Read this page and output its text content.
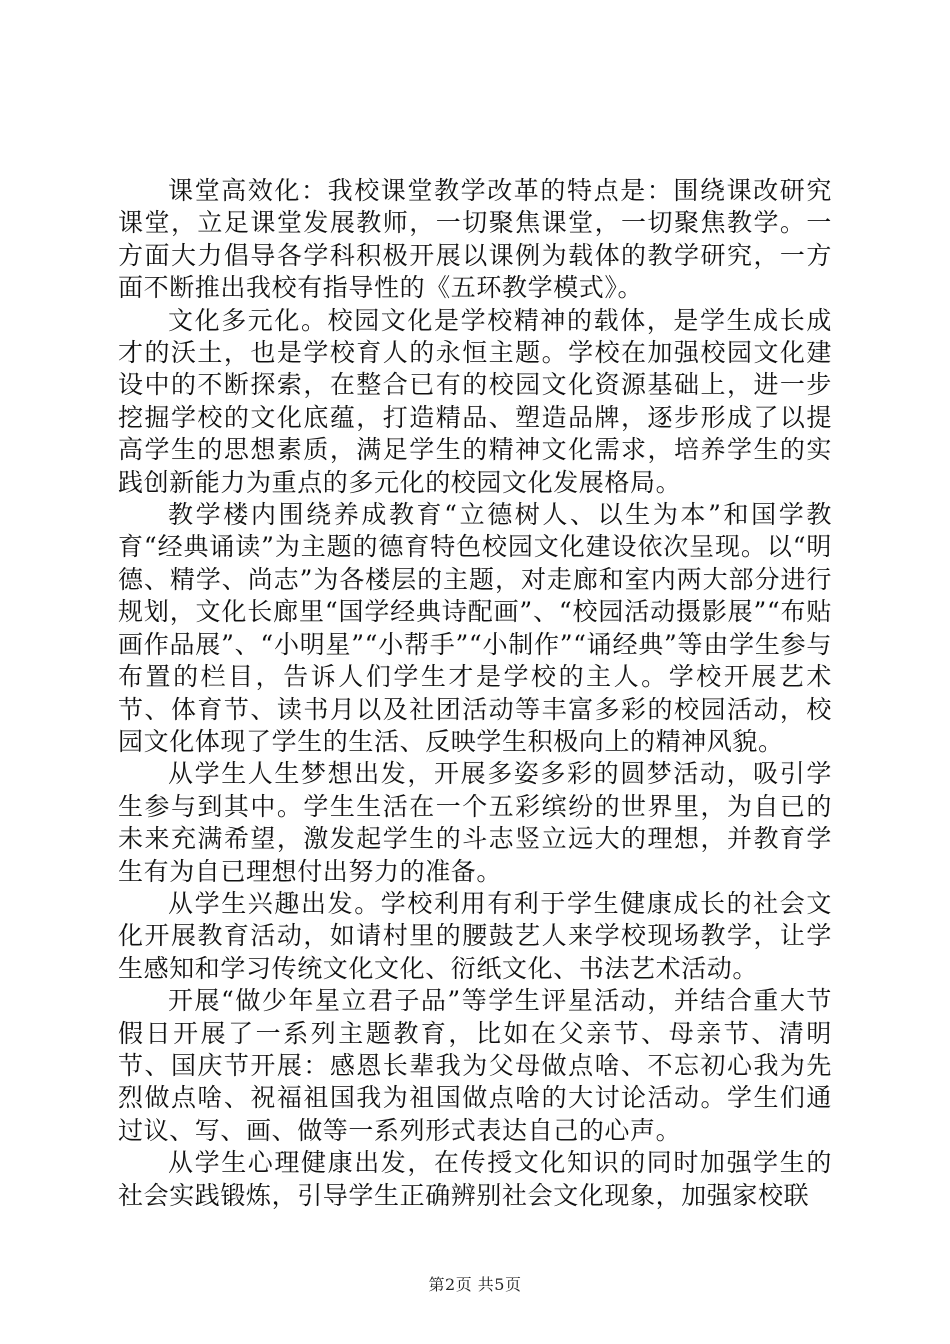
课堂高效化：我校课堂教学改革的特点是：围绕课改研究课堂，立足课堂发展教师，一切聚焦课堂，一切聚焦教学。一方面大力倡导各学科积极开展以课例为载体的教学研究，一方面不断推出我校有指导性的《五环教学模式》。

文化多元化。校园文化是学校精神的载体，是学生成长成才的沃土，也是学校育人的永恒主题。学校在加强校园文化建设中的不断探索，在整合已有的校园文化资源基础上，进一步挖掘学校的文化底蕴，打造精品、塑造品牌，逐步形成了以提高学生的思想素质，满足学生的精神文化需求，培养学生的实践创新能力为重点的多元化的校园文化发展格局。

教学楼内围绕养成教育“立德树人、以生为本”和国学教育“经典诵读”为主题的德育特色校园文化建设依次呈现。以“明德、精学、尚志”为各楼层的主题，对走廊和室内两大部分进行规划，文化长廊里“国学经典诗配画”、“校园活动摄影展”“布贴画作品展”、“小明星”“小帮手”“小制作”“诵经典”等由学生参与布置的栏目，告诉人们学生才是学校的主人。学校开展艺术节、体育节、读书月以及社团活动等丰富多彩的校园活动，校园文化体现了学生的生活、反映学生积极向上的精神风貌。

从学生人生梦想出发，开展多姿多彩的圆梦活动，吸引学生参与到其中。学生生活在一个五彩缤纷的世界里，为自已的未来充满希望，激发起学生的斗志竖立远大的理想，并教育学生有为自已理想付出努力的准备。

从学生兴趣出发。学校利用有利于学生健康成长的社会文化开展教育活动，如请村里的腰鼓艺人来学校现场教学，让学生感知和学习传统文化文化、衍纸文化、书法艺术活动。

开展“做少年星立君子品”等学生评星活动，并结合重大节假日开展了一系列主题教育，比如在父亲节、母亲节、清明节、国庆节开展：感恩长辈我为父母做点啥、不忘初心我为先烈做点啥、祝福祖国我为祖国做点啥的大讨论活动。学生们通过议、写、画、做等一系列形式表达自己的心声。

从学生心理健康出发，在传授文化知识的同时加强学生的社会实践锻炼，引导学生正确辨别社会文化现象，加强家校联

第2页 共5页
